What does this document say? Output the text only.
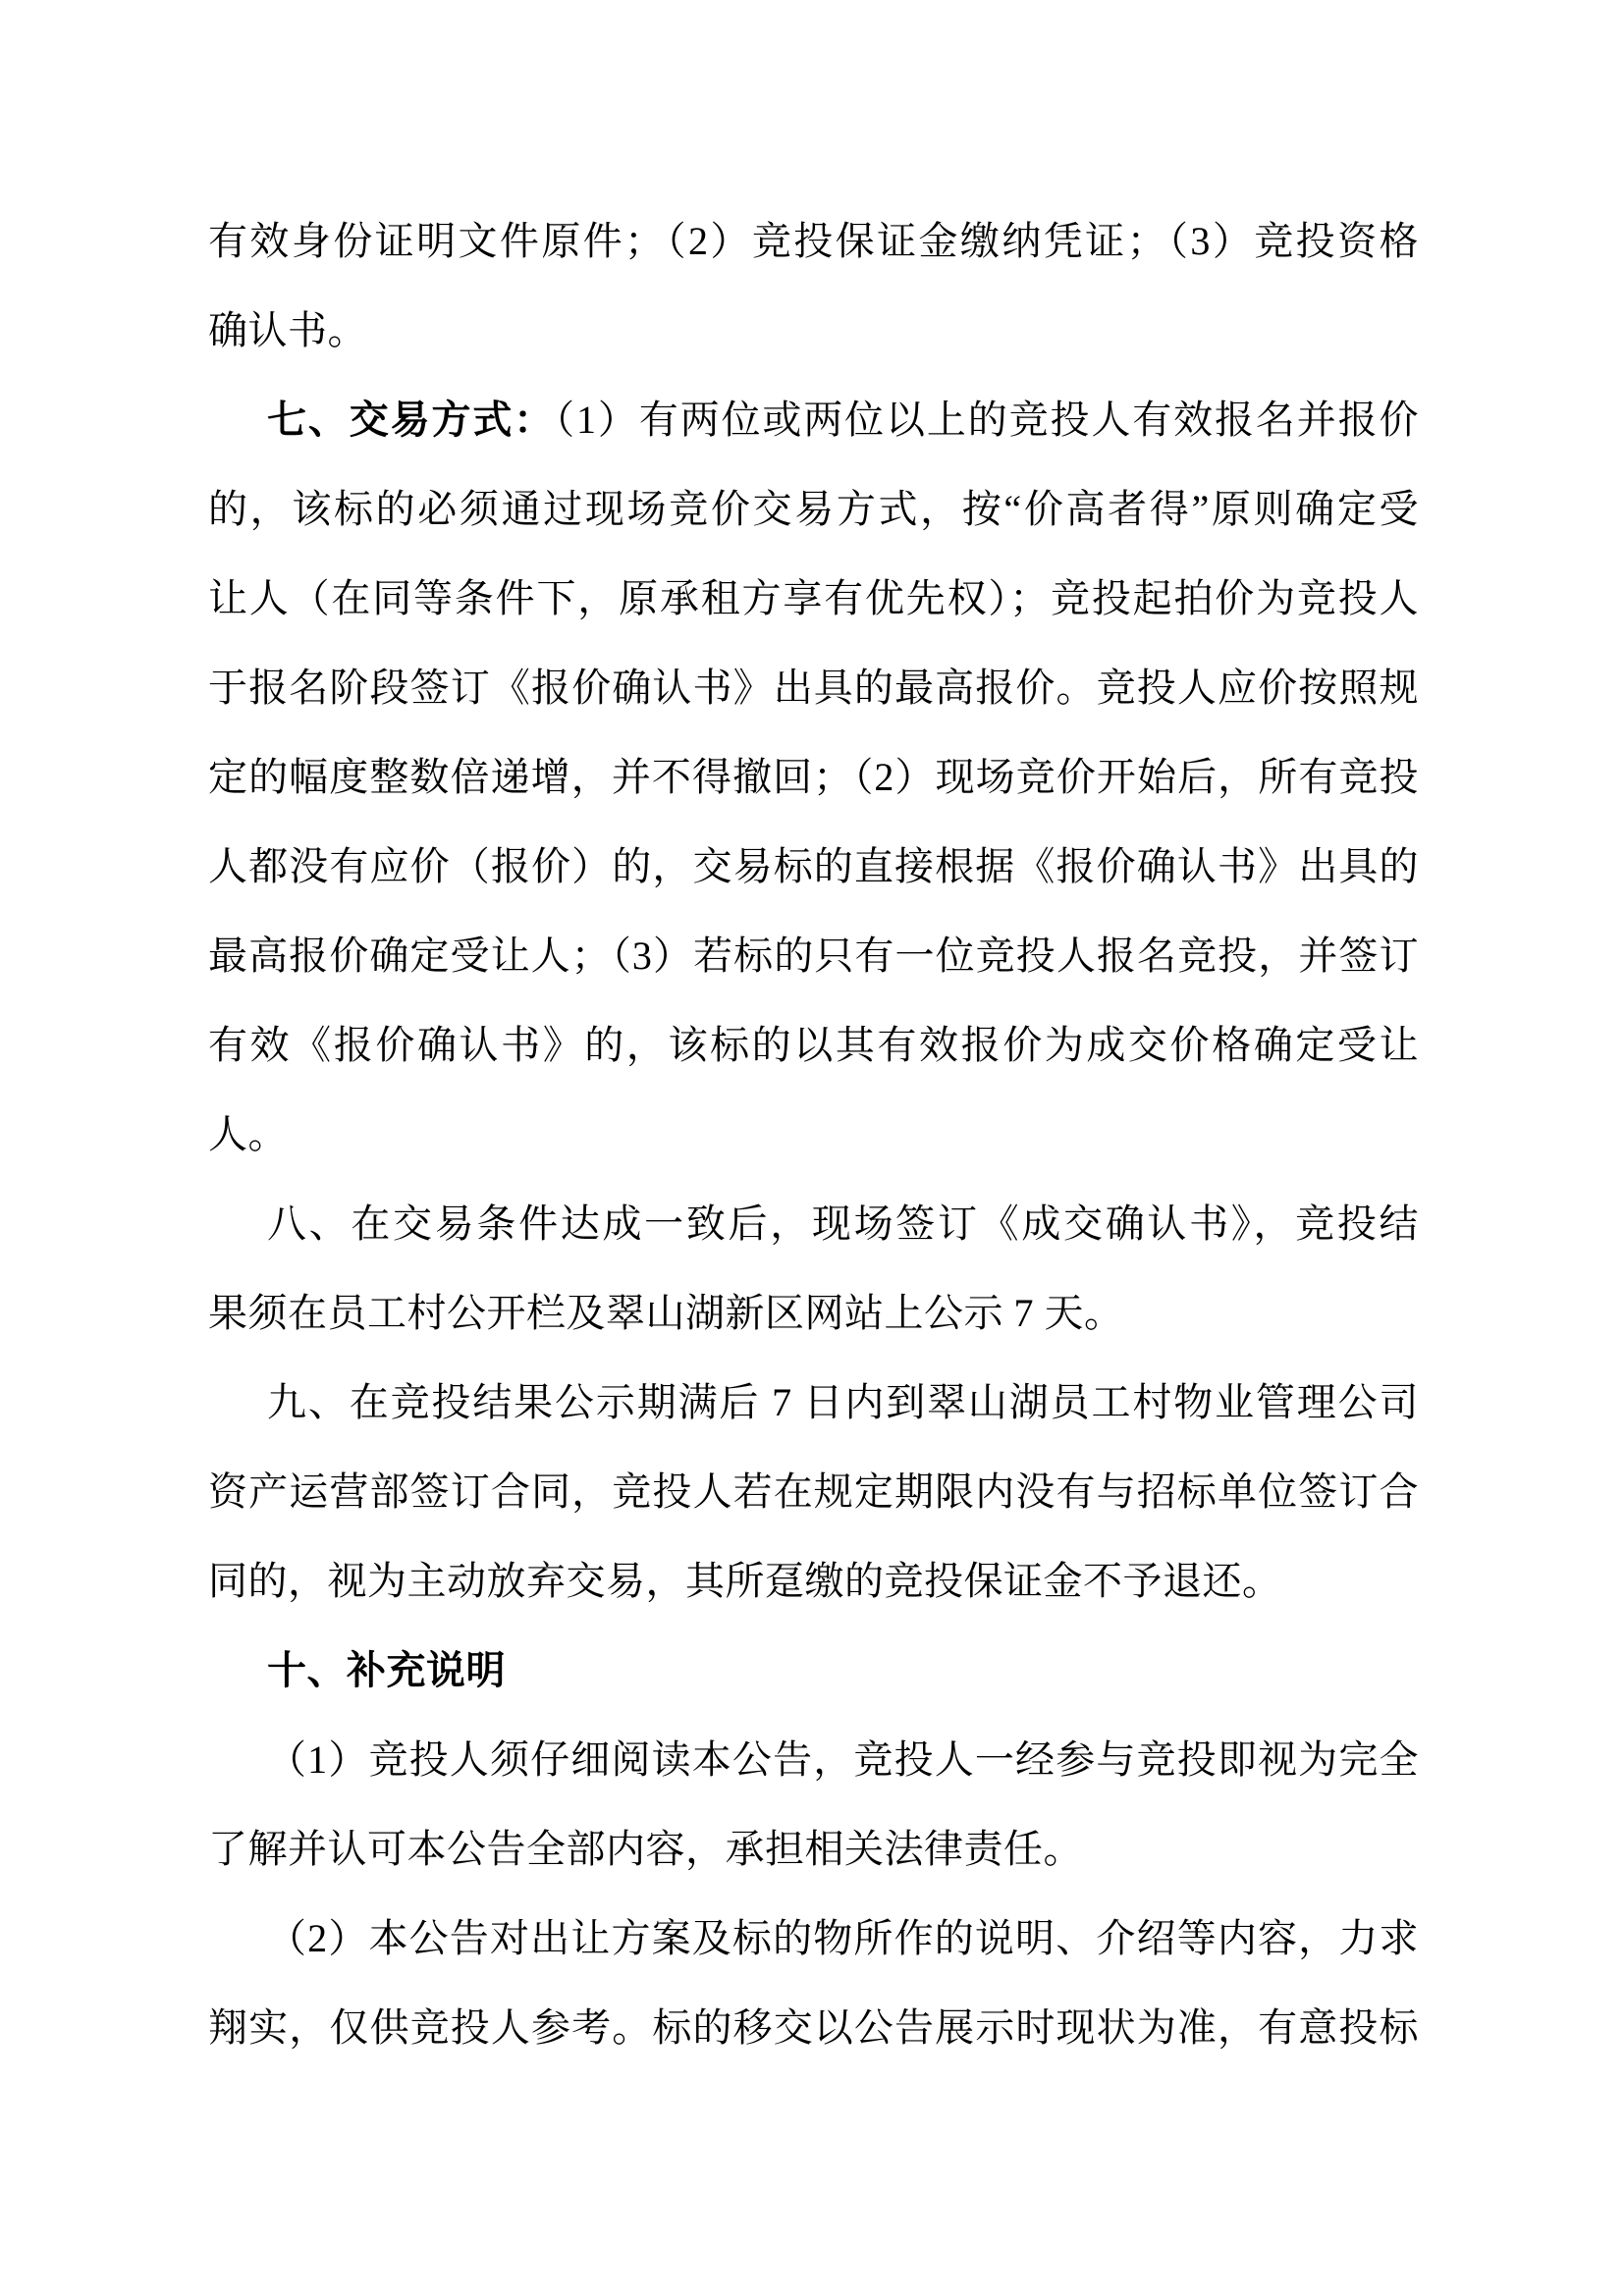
有效身份证明文件原件；（2）竞投保证金缴纳凭证；（3）竞投资格
确认书。
七、交易方式：（1）有两位或两位以上的竞投人有效报名并报价
的，该标的必须通过现场竞价交易方式，按“价高者得”原则确定受
让人（在同等条件下，原承租方享有优先权）；竞投起拍价为竞投人
于报名阶段签订《报价确认书》出具的最高报价。竞投人应价按照规
定的幅度整数倍递增，并不得撤回；（2）现场竞价开始后，所有竞投
人都没有应价（报价）的，交易标的直接根据《报价确认书》出具的
最高报价确定受让人；（3）若标的只有一位竞投人报名竞投，并签订
有效《报价确认书》的，该标的以其有效报价为成交价格确定受让
人。
八、在交易条件达成一致后，现场签订《成交确认书》，竞投结
果须在员工村公开栏及翠山湖新区网站上公示 7 天。
九、在竞投结果公示期满后 7 日内到翠山湖员工村物业管理公司
资产运营部签订合同，竞投人若在规定期限内没有与招标单位签订合
同的，视为主动放弃交易，其所趸缴的竞投保证金不予退还。
十、补充说明
（1）竞投人须仔细阅读本公告，竞投人一经参与竞投即视为完全
了解并认可本公告全部内容，承担相关法律责任。
（2）本公告对出让方案及标的物所作的说明、介绍等内容，力求
翔实，仅供竞投人参考。标的移交以公告展示时现状为准，有意投标
